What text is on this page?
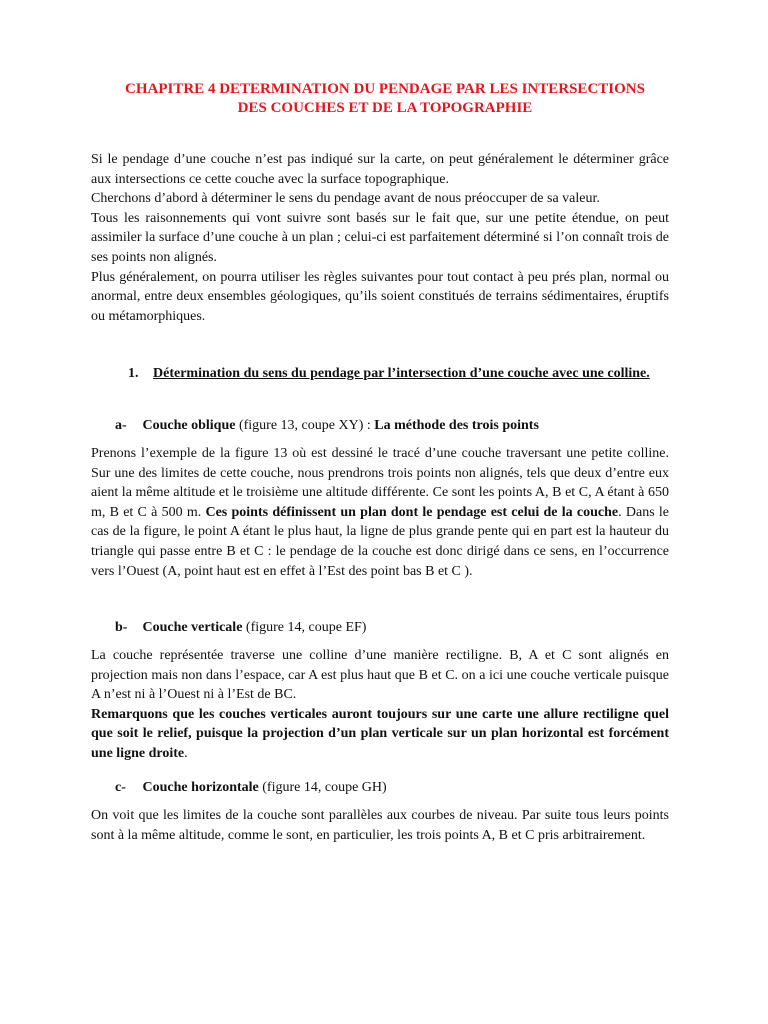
CHAPITRE 4 DETERMINATION DU PENDAGE PAR LES INTERSECTIONS
DES COUCHES ET DE LA TOPOGRAPHIE
Si le pendage d’une couche n’est pas indiqué sur la carte, on peut généralement le déterminer grâce aux intersections ce cette couche avec la surface topographique.
Cherchons d’abord à déterminer le sens du pendage avant de nous préoccuper de sa valeur.
Tous les raisonnements qui vont suivre sont basés sur le fait que, sur une petite étendue, on peut assimiler la surface d’une couche à un plan ; celui-ci est parfaitement déterminé si l’on connaît trois de ses points non alignés.
Plus généralement, on pourra utiliser les règles suivantes pour tout contact à peu prés plan, normal ou anormal, entre deux ensembles géologiques, qu’ils soient constitués de terrains sédimentaires, éruptifs ou métamorphiques.
1.	Détermination du sens du pendage par l’intersection d’une couche avec une colline.

a- Couche oblique (figure 13, coupe XY) : La méthode des trois points

Prenons l’exemple de la figure 13 où est dessiné le tracé d’une couche traversant une petite colline. Sur une des limites de cette couche, nous prendrons trois points non alignés, tels que deux d’entre eux aient la même altitude et le troisième une altitude différente. Ce sont les points A, B et C, A étant à 650 m, B et C à 500 m. Ces points définissent un plan dont le pendage est celui de la couche. Dans le cas de la figure, le point A étant le plus haut, la ligne de plus grande pente qui en part est la hauteur du triangle qui passe entre B et C : le pendage de la couche est donc dirigé dans ce sens, en l’occurrence vers l’Ouest (A, point haut est en effet à l’Est des point bas B et C ).

b- Couche verticale (figure 14, coupe EF)

La couche représentée traverse une colline d’une manière rectiligne. B, A et C sont alignés en projection mais non dans l’espace, car A est plus haut que B et C. on a ici une couche verticale puisque A n’est ni à l’Ouest ni à l’Est de BC.
Remarquons que les couches verticales auront toujours sur une carte une allure rectiligne quel que soit le relief, puisque la projection d’un plan verticale sur un plan horizontal est forcément une ligne droite.

c- Couche horizontale (figure 14, coupe GH)

On voit que les limites de la couche sont parallèles aux courbes de niveau. Par suite tous leurs points sont à la même altitude, comme le sont, en particulier, les trois points A, B et C pris arbitrairement.
